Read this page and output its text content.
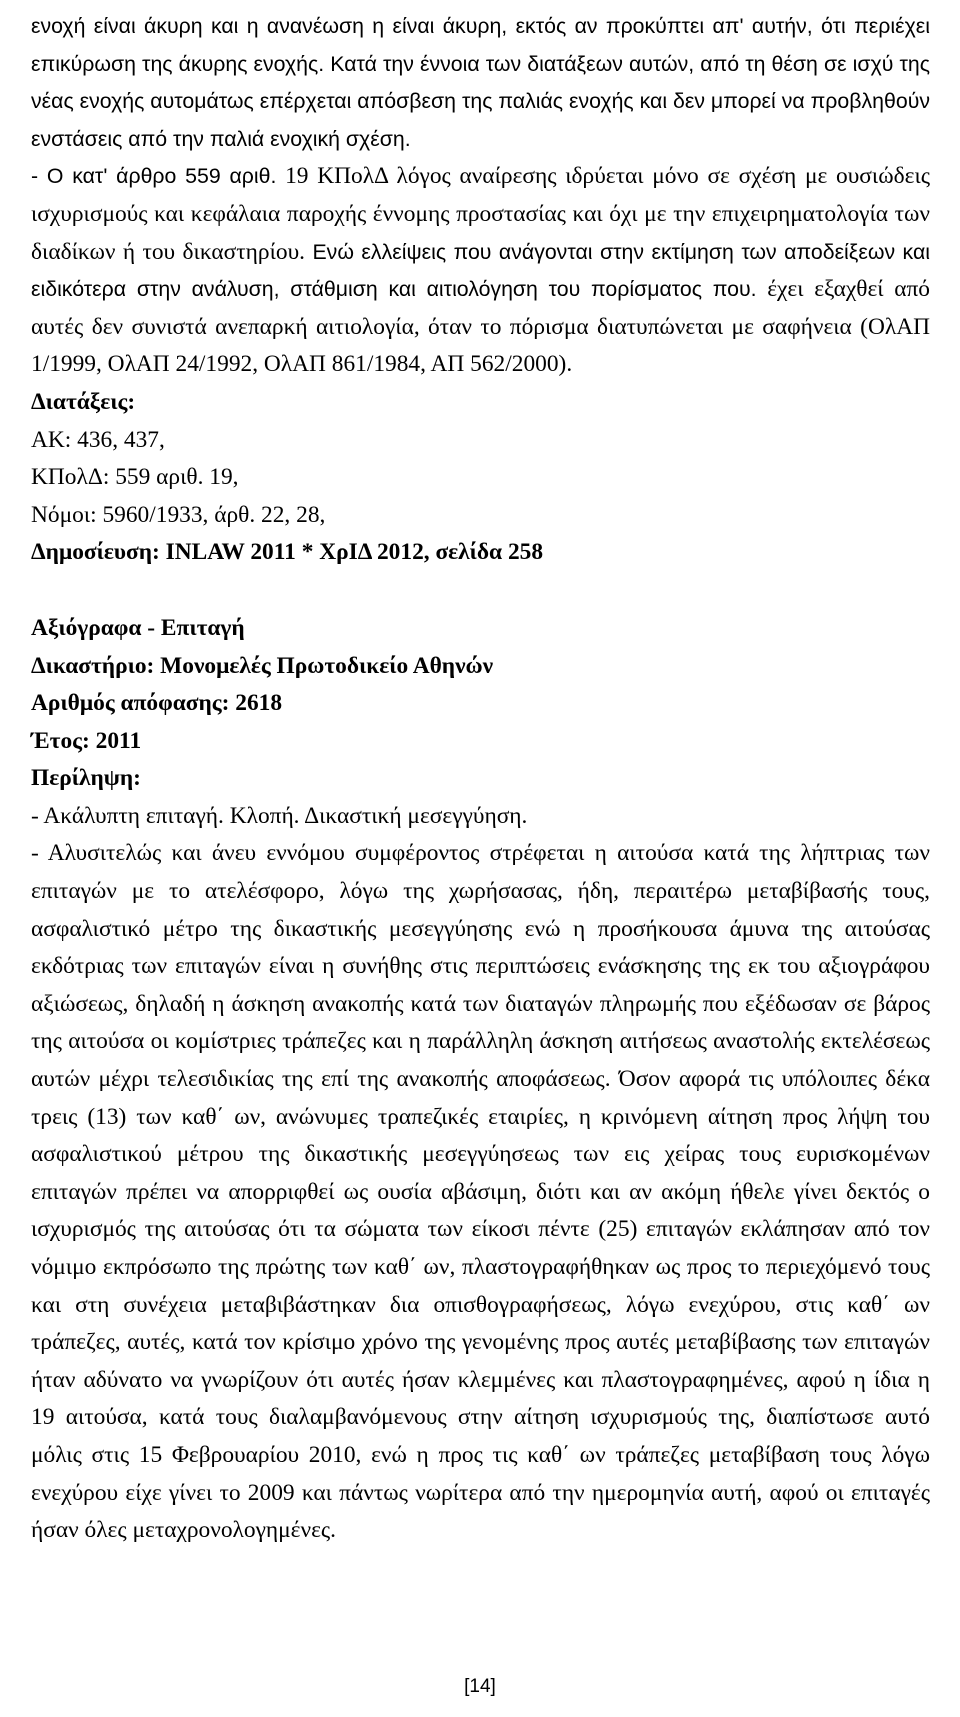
ενοχή είναι άκυρη και η ανανέωση η είναι άκυρη, εκτός αν προκύπτει απ' αυτήν, ότι περιέχει επικύρωση της άκυρης ενοχής. Κατά την έννοια των διατάξεων αυτών, από τη θέση σε ισχύ της νέας ενοχής αυτομάτως επέρχεται απόσβεση της παλιάς ενοχής και δεν μπορεί να προβληθούν ενστάσεις από την παλιά ενοχική σχέση.

- Ο κατ' άρθρο 559 αριθ. 19 ΚΠολΔ λόγος αναίρεσης ιδρύεται μόνο σε σχέση με ουσιώδεις ισχυρισμούς και κεφάλαια παροχής έννομης προστασίας και όχι με την επιχειρηματολογία των διαδίκων ή του δικαστηρίου. Ενώ ελλείψεις που ανάγονται στην εκτίμηση των αποδείξεων και ειδικότερα στην ανάλυση, στάθμιση και αιτιολόγηση του πορίσματος που. έχει εξαχθεί από αυτές δεν συνιστά ανεπαρκή αιτιολογία, όταν το πόρισμα διατυπώνεται με σαφήνεια (ΟλΑΠ 1/1999, ΟλΑΠ 24/1992, ΟλΑΠ 861/1984, ΑΠ 562/2000).

Διατάξεις:

ΑΚ: 436, 437,

ΚΠολΔ: 559 αριθ. 19,

Νόμοι: 5960/1933, άρθ. 22, 28,

Δημοσίευση: INLAW 2011 * ΧρΙΔ 2012, σελίδα 258

Αξιόγραφα - Επιταγή

Δικαστήριο: Μονομελές Πρωτοδικείο Αθηνών

Αριθμός απόφασης: 2618

Έτος: 2011

Περίληψη:

- Ακάλυπτη επιταγή. Κλοπή. Δικαστική μεσεγγύηση.

- Αλυσιτελώς και άνευ εννόμου συμφέροντος στρέφεται η αιτούσα κατά της λήπτριας των επιταγών με το ατελέσφορο, λόγω της χωρήσασας, ήδη, περαιτέρω μεταβίβασής τους, ασφαλιστικό μέτρο της δικαστικής μεσεγγύησης ενώ η προσήκουσα άμυνα της αιτούσας εκδότριας των επιταγών είναι η συνήθης στις περιπτώσεις ενάσκησης της εκ του αξιογράφου αξιώσεως, δηλαδή η άσκηση ανακοπής κατά των διαταγών πληρωμής που εξέδωσαν σε βάρος της αιτούσα οι κομίστριες τράπεζες και η παράλληλη άσκηση αιτήσεως αναστολής εκτελέσεως αυτών μέχρι τελεσιδικίας της επί της ανακοπής αποφάσεως. Όσον αφορά τις υπόλοιπες δέκα τρεις (13) των καθ΄ ων, ανώνυμες τραπεζικές εταιρίες, η κρινόμενη αίτηση προς λήψη του ασφαλιστικού μέτρου της δικαστικής μεσεγγύησεως των εις χείρας τους ευρισκομένων επιταγών πρέπει να απορριφθεί ως ουσία αβάσιμη, διότι και αν ακόμη ήθελε γίνει δεκτός ο ισχυρισμός της αιτούσας ότι τα σώματα των είκοσι πέντε (25) επιταγών εκλάπησαν από τον νόμιμο εκπρόσωπο της πρώτης των καθ΄ ων, πλαστογραφήθηκαν ως προς το περιεχόμενό τους και στη συνέχεια μεταβιβάστηκαν δια οπισθογραφήσεως, λόγω ενεχύρου, στις καθ΄ ων τράπεζες, αυτές, κατά τον κρίσιμο χρόνο της γενομένης προς αυτές μεταβίβασης των επιταγών ήταν αδύνατο να γνωρίζουν ότι αυτές ήσαν κλεμμένες και πλαστογραφημένες, αφού η ίδια η 19 αιτούσα, κατά τους διαλαμβανόμενους στην αίτηση ισχυρισμούς της, διαπίστωσε αυτό μόλις στις 15 Φεβρουαρίου 2010, ενώ η προς τις καθ΄ ων τράπεζες μεταβίβαση τους λόγω ενεχύρου είχε γίνει το 2009 και πάντως νωρίτερα από την ημερομηνία αυτή, αφού οι επιταγές ήσαν όλες μεταχρονολογημένες.

[14]
